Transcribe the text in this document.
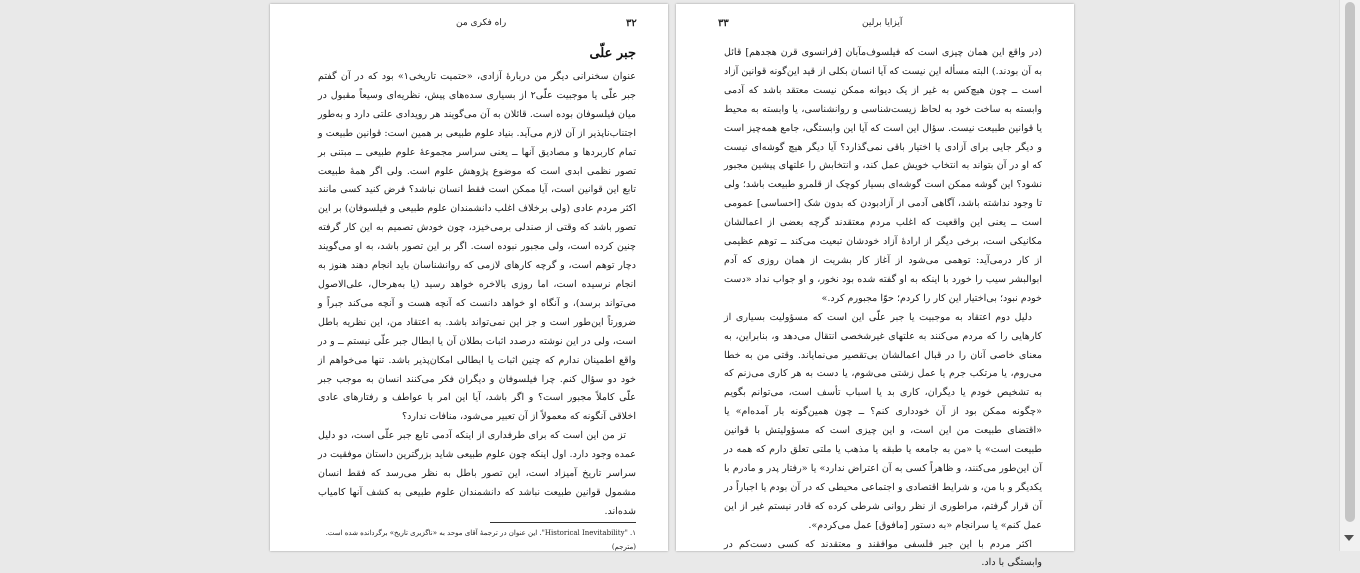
۳۲
راه فکری من
جبر علّی

عنوان سخنرانی دیگر من دربارهٔ آزادی، «حتمیت تاریخی۱» بود که در آن گفتم جبر علّی یا موجبیت علّی۲ از بسیاری سده‌های پیش، نظریه‌ای وسیعاً مقبول در میان فیلسوفان بوده است. قائلان به آن می‌گویند هر رویدادی علتی دارد و به‌طور اجتناب‌ناپذیر از آن لازم می‌آید. بنیاد علوم طبیعی بر همین است: قوانین طبیعت و تمام کاربردها و مصادیق آنها ــ یعنی سراسر مجموعهٔ علوم طبیعی ــ مبتنی بر تصور نظمی ابدی است که موضوع پژوهش علوم است. ولی اگر همهٔ طبیعت تابع این قوانین است، آیا ممکن است فقط انسان نباشد؟ فرض کنید کسی مانند اکثر مردم عادی (ولی برخلاف اغلب دانشمندان علوم طبیعی و فیلسوفان) بر این تصور باشد که وقتی از صندلی برمی‌خیزد، چون خودش تصمیم به این کار گرفته چنین کرده است، ولی مجبور نبوده است. اگر بر این تصور باشد، به او می‌گویند دچار توهم است، و گرچه کارهای لازمی که روانشناسان باید انجام دهند هنوز به انجام نرسیده است، اما روزی بالاخره خواهد رسید (یا به‌هرحال، علی‌الاصول می‌تواند برسد)، و آنگاه او خواهد دانست که آنچه هست و آنچه می‌کند جبراً و ضرورتاً این‌طور است و جز این نمی‌تواند باشد. به اعتقاد من، این نظریه باطل است، ولی در این نوشته درصدد اثبات بطلان آن یا ابطال جبر علّی نیستم ــ و در واقع اطمینان ندارم که چنین اثبات یا ابطالی امکان‌پذیر باشد. تنها می‌خواهم از خود دو سؤال کنم. چرا فیلسوفان و دیگران فکر می‌کنند انسان به موجب جبر علّی کاملاً مجبور است؟ و اگر باشد، آیا این امر با عواطف و رفتارهای عادی اخلاقی آنگونه که معمولاً از آن تعبیر می‌شود، منافات ندارد؟

تز من این است که برای طرفداری از اینکه آدمی تابع جبر علّی است، دو دلیل عمده وجود دارد. اول اینکه چون علوم طبیعی شاید بزرگترین داستان موفقیت در سراسر تاریخ آمیزاد است، این تصور باطل به نظر می‌رسد که فقط انسان مشمول قوانین طبیعت نباشد که دانشمندان علوم طبیعی به کشف آنها کامیاب شده‌اند.

۱. "Historical Inevitability". این عنوان در ترجمهٔ آقای موحد به «ناگزیری تاریخ» برگردانده شده است. (مترجم)
۳۳	آیزایا برلین

(در واقع این همان چیزی است که فیلسوف‌مآبان [فرانسوی قرن هجدهم] قائل به آن بودند.) البته مسأله این نیست که آیا انسان بکلی از قید این‌گونه قوانین آزاد است ــ چون هیچ‌کس به غیر از یک دیوانه ممکن نیست معتقد باشد که آدمی وابسته به ساخت خود به لحاظ زیست‌شناسی و روانشناسی، یا وابسته به محیط یا قوانین طبیعت نیست. سؤال این است که آیا این وابستگی، جامع همه‌چیز است و دیگر جایی برای آزادی یا اختیار باقی نمی‌گذارد؟ آیا دیگر هیچ گوشه‌ای نیست که او در آن بتواند به انتخاب خویش عمل کند، و انتخابش را علتهای پیشین مجبور نشود؟ این گوشه ممکن است گوشه‌ای بسیار کوچک از قلمرو طبیعت باشد؛ ولی تا وجود نداشته باشد، آگاهی آدمی از آزادبودن که بدون شک [احساسی] عمومی است ــ یعنی این واقعیت که اغلب مردم معتقدند گرچه بعضی از اعمالشان مکانیکی است، برخی دیگر از ارادهٔ آزاد خودشان تبعیت می‌کند ــ توهم عظیمی از کار درمی‌آید: توهمی می‌شود از آغاز کار بشریت از همان روزی که آدم ابوالبشر سیب را خورد با اینکه به او گفته شده بود نخور، و او جواب نداد «دست خودم نبود؛ بی‌اختیار این کار را کردم؛ حوّا مجبورم کرد.»

دلیل دوم اعتقاد به موجبیت یا جبر علّی این است که مسؤولیت بسیاری از کارهایی را که مردم می‌کنند به علتهای غیرشخصی انتقال می‌دهد و، بنابراین، به معنای خاصی آنان را در قبال اعمالشان بی‌تقصیر می‌نمایاند. وقتی من به خطا می‌روم، یا مرتکب جرم یا عمل زشتی می‌شوم، یا دست به هر کاری می‌زنم که به تشخیص خودم یا دیگران، کاری بد یا اسباب تأسف است، می‌توانم بگویم «چگونه ممکن بود از آن خودداری کنم؟ ــ چون همین‌گونه بار آمده‌ام» یا «اقتضای طبیعت من این است، و این چیزی است که مسؤولیتش با قوانین طبیعت است» یا «من به جامعه یا طبقه یا مذهب یا ملتی تعلق دارم که همه در آن این‌طور می‌کنند، و ظاهراً کسی به آن اعتراض ندارد» یا «رفتار پدر و مادرم با یکدیگر و با من، و شرایط اقتصادی و اجتماعی محیطی که در آن بودم یا اجباراً در آن قرار گرفتم، مراطوری از نظر روانی شرطی کرده که قادر نیستم غیر از این عمل کنم» یا سرانجام «به دستور [مافوق] عمل می‌کردم».

اکثر مردم با این جبر فلسفی موافقند و معتقدند که کسی دست‌کم در وابستگی با داد.
